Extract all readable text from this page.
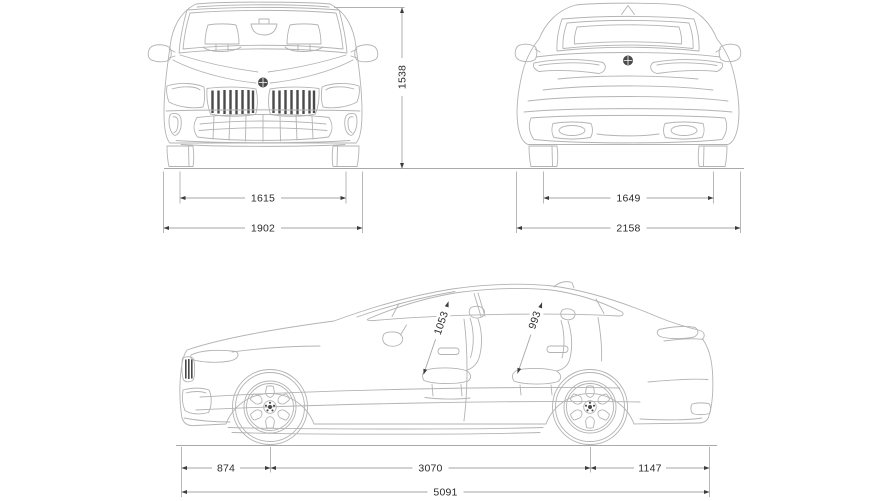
1538
1615
1902
1649
2158
1053	993
874	3070	1147
5091
